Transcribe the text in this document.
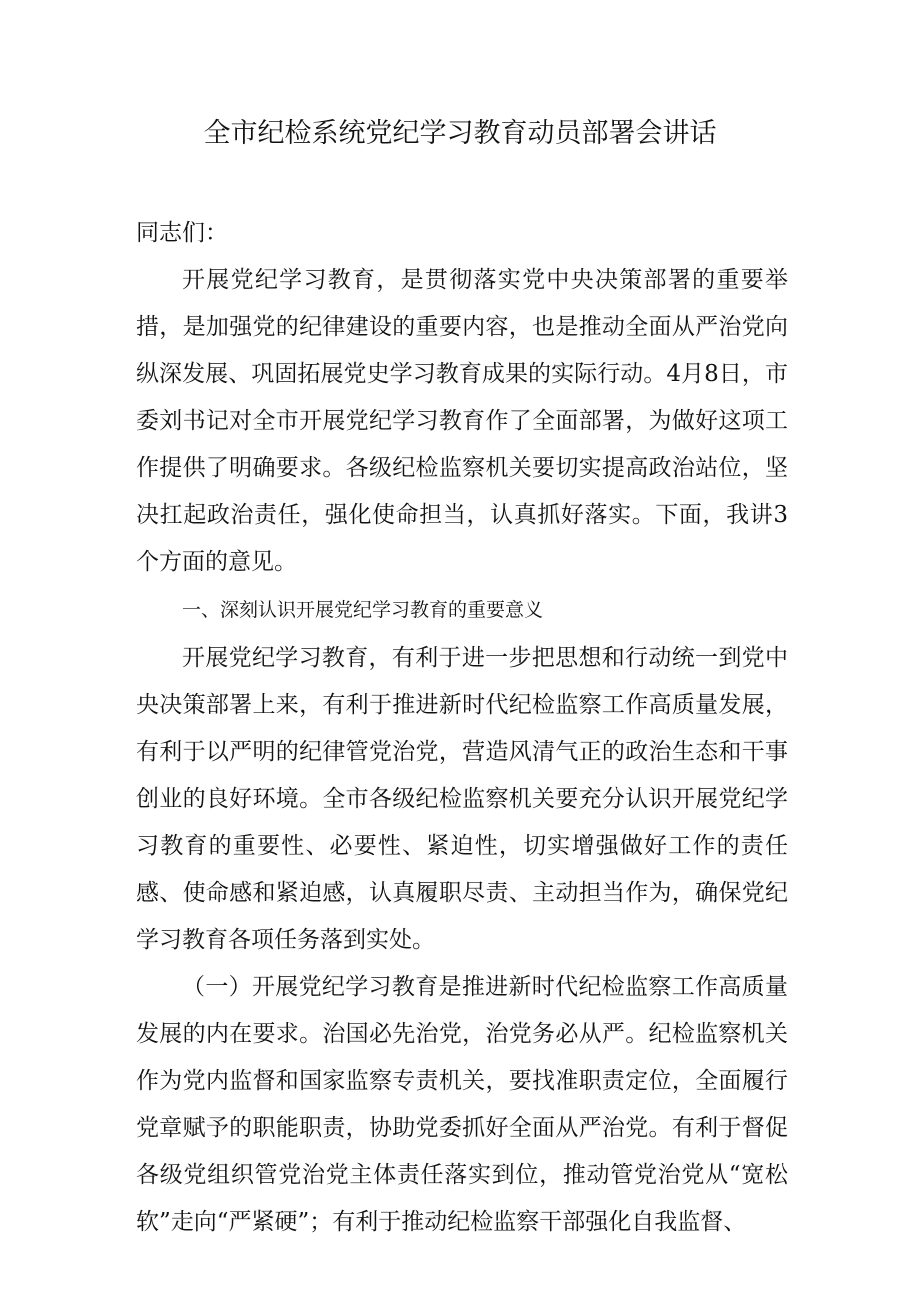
全市纪检系统党纪学习教育动员部署会讲话

同志们：

开展党纪学习教育，是贯彻落实党中央决策部署的重要举措，是加强党的纪律建设的重要内容，也是推动全面从严治党向纵深发展、巩固拓展党史学习教育成果的实际行动。4月8日，市委刘书记对全市开展党纪学习教育作了全面部署，为做好这项工作提供了明确要求。各级纪检监察机关要切实提高政治站位，坚决扛起政治责任，强化使命担当，认真抓好落实。下面，我讲3个方面的意见。

一、深刻认识开展党纪学习教育的重要意义

开展党纪学习教育，有利于进一步把思想和行动统一到党中央决策部署上来，有利于推进新时代纪检监察工作高质量发展，有利于以严明的纪律管党治党，营造风清气正的政治生态和干事创业的良好环境。全市各级纪检监察机关要充分认识开展党纪学习教育的重要性、必要性、紧迫性，切实增强做好工作的责任感、使命感和紧迫感，认真履职尽责、主动担当作为，确保党纪学习教育各项任务落到实处。

（一）开展党纪学习教育是推进新时代纪检监察工作高质量发展的内在要求。治国必先治党，治党务必从严。纪检监察机关作为党内监督和国家监察专责机关，要找准职责定位，全面履行党章赋予的职能职责，协助党委抓好全面从严治党。有利于督促各级党组织管党治党主体责任落实到位，推动管党治党从“宽松软”走向“严紧硬”；有利于推动纪检监察干部强化自我监督、
